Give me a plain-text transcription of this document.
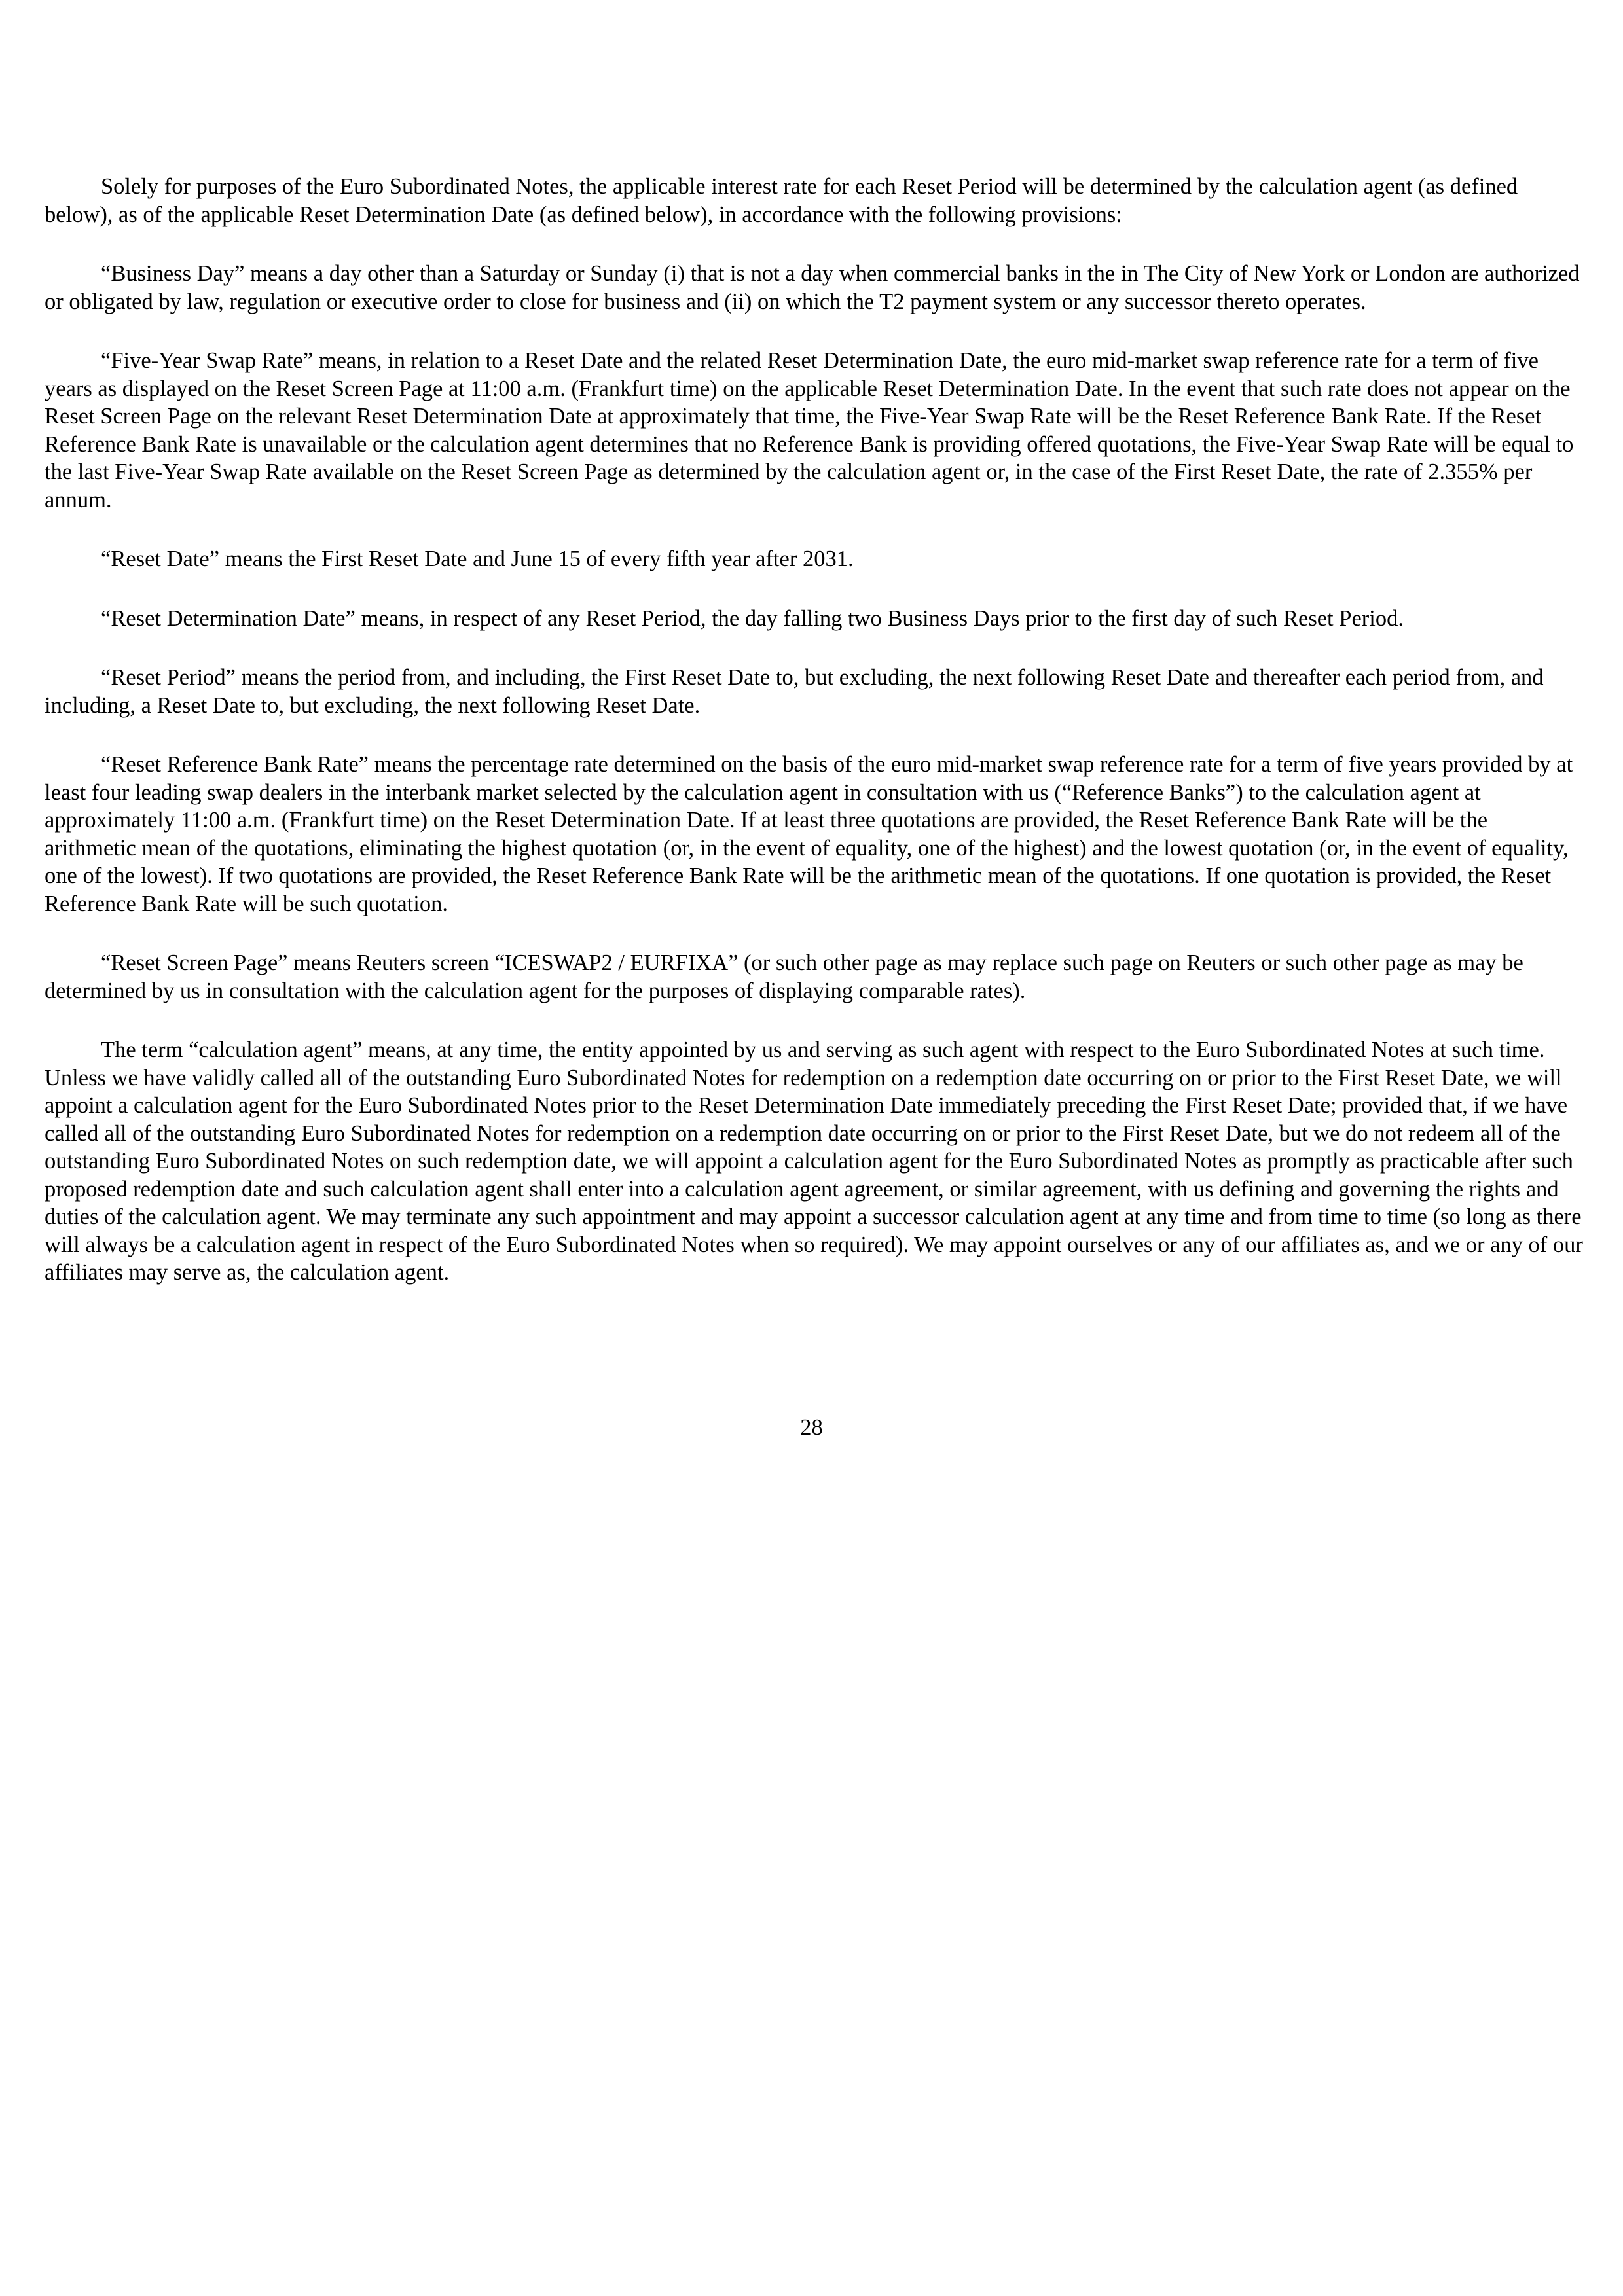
Solely for purposes of the Euro Subordinated Notes, the applicable interest rate for each Reset Period will be determined by the calculation agent (as defined below), as of the applicable Reset Determination Date (as defined below), in accordance with the following provisions:

“Business Day” means a day other than a Saturday or Sunday (i) that is not a day when commercial banks in the in The City of New York or London are authorized or obligated by law, regulation or executive order to close for business and (ii) on which the T2 payment system or any successor thereto operates.

“Five-Year Swap Rate” means, in relation to a Reset Date and the related Reset Determination Date, the euro mid-market swap reference rate for a term of five years as displayed on the Reset Screen Page at 11:00 a.m. (Frankfurt time) on the applicable Reset Determination Date. In the event that such rate does not appear on the Reset Screen Page on the relevant Reset Determination Date at approximately that time, the Five-Year Swap Rate will be the Reset Reference Bank Rate. If the Reset Reference Bank Rate is unavailable or the calculation agent determines that no Reference Bank is providing offered quotations, the Five-Year Swap Rate will be equal to the last Five-Year Swap Rate available on the Reset Screen Page as determined by the calculation agent or, in the case of the First Reset Date, the rate of 2.355% per annum.

“Reset Date” means the First Reset Date and June 15 of every fifth year after 2031.

“Reset Determination Date” means, in respect of any Reset Period, the day falling two Business Days prior to the first day of such Reset Period.

“Reset Period” means the period from, and including, the First Reset Date to, but excluding, the next following Reset Date and thereafter each period from, and including, a Reset Date to, but excluding, the next following Reset Date.

“Reset Reference Bank Rate” means the percentage rate determined on the basis of the euro mid-market swap reference rate for a term of five years provided by at least four leading swap dealers in the interbank market selected by the calculation agent in consultation with us (“Reference Banks”) to the calculation agent at approximately 11:00 a.m. (Frankfurt time) on the Reset Determination Date. If at least three quotations are provided, the Reset Reference Bank Rate will be the arithmetic mean of the quotations, eliminating the highest quotation (or, in the event of equality, one of the highest) and the lowest quotation (or, in the event of equality, one of the lowest). If two quotations are provided, the Reset Reference Bank Rate will be the arithmetic mean of the quotations. If one quotation is provided, the Reset Reference Bank Rate will be such quotation.

“Reset Screen Page” means Reuters screen “ICESWAP2 / EURFIXA” (or such other page as may replace such page on Reuters or such other page as may be determined by us in consultation with the calculation agent for the purposes of displaying comparable rates).

The term “calculation agent” means, at any time, the entity appointed by us and serving as such agent with respect to the Euro Subordinated Notes at such time. Unless we have validly called all of the outstanding Euro Subordinated Notes for redemption on a redemption date occurring on or prior to the First Reset Date, we will appoint a calculation agent for the Euro Subordinated Notes prior to the Reset Determination Date immediately preceding the First Reset Date; provided that, if we have called all of the outstanding Euro Subordinated Notes for redemption on a redemption date occurring on or prior to the First Reset Date, but we do not redeem all of the outstanding Euro Subordinated Notes on such redemption date, we will appoint a calculation agent for the Euro Subordinated Notes as promptly as practicable after such proposed redemption date and such calculation agent shall enter into a calculation agent agreement, or similar agreement, with us defining and governing the rights and duties of the calculation agent. We may terminate any such appointment and may appoint a successor calculation agent at any time and from time to time (so long as there will always be a calculation agent in respect of the Euro Subordinated Notes when so required). We may appoint ourselves or any of our affiliates as, and we or any of our affiliates may serve as, the calculation agent.

28
